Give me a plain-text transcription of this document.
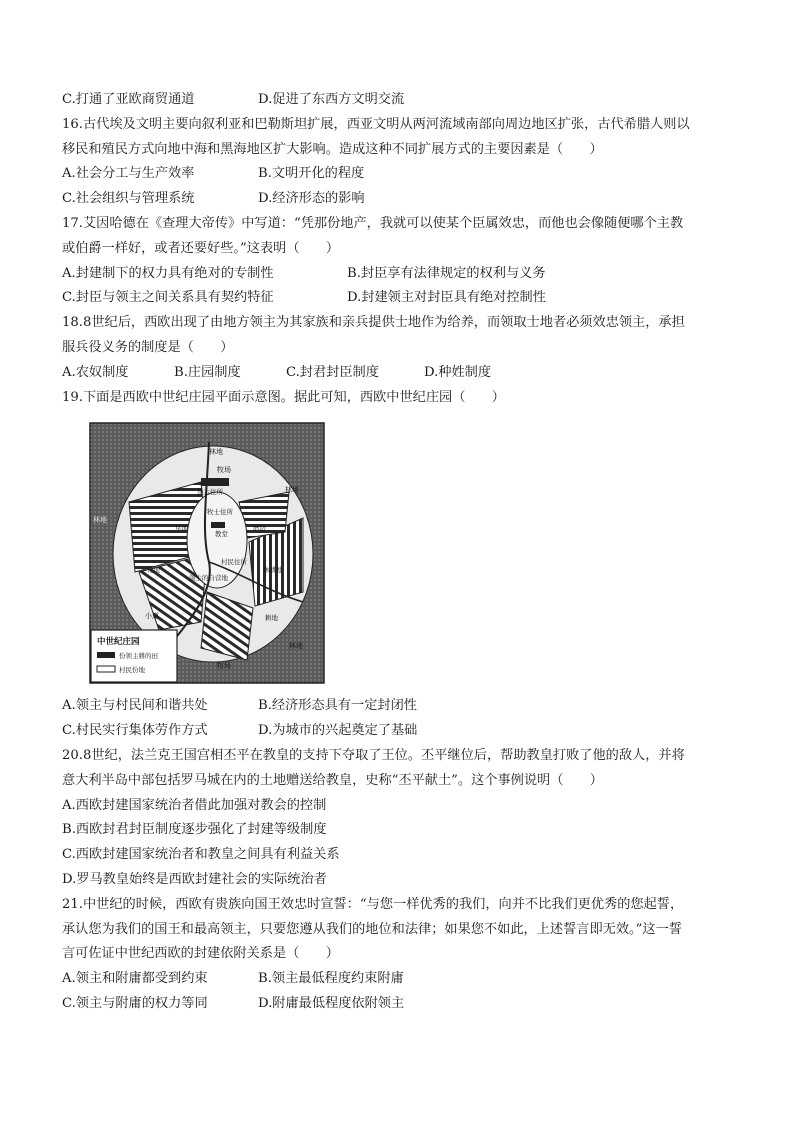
C.打通了亚欧商贸通道	D.促进了东西方文明交流
16.古代埃及文明主要向叙利亚和巴勒斯坦扩展，西亚文明从两河流域南部向周边地区扩张，古代希腊人则以
移民和殖民方式向地中海和黑海地区扩大影响。造成这种不同扩展方式的主要因素是（　　）
A.社会分工与生产效率	B.文明开化的程度
C.社会组织与管理系统	D.经济形态的影响
17.艾因哈德在《查理大帝传》中写道：“凭那份地产，我就可以使某个臣属效忠，而他也会像随便哪个主教
或伯爵一样好，或者还要好些。”这表明（　　）
A.封建制下的权力具有绝对的专制性	B.封臣享有法律规定的权利与义务
C.封臣与领主之间关系具有契约特征	D.封建领主对封臣具有绝对控制性
18.8世纪后，西欧出现了由地方领主为其家族和亲兵提供士地作为给养，而领取士地者必须效忠领主，承担
服兵役义务的制度是（　　）
A.农奴制度	B.庄园制度	C.封君封臣制度	D.种姓制度
19.下面是西欧中世纪庄园平面示意图。据此可知，西欧中世纪庄园（　　）
林地
牧场
林地
领主住所
牧士住所
教堂
村民住所
领主的自营地
草地
荒地
小道
牧场
林地
林地
休耕地
磨坊
耕地
中世纪庄园
份领主耕的田
村民份地
A.领主与村民间和谐共处	B.经济形态具有一定封闭性
C.村民实行集体劳作方式	D.为城市的兴起奠定了基础
20.8世纪，法兰克王国宫相丕平在教皇的支持下夺取了王位。丕平继位后，帮助教皇打败了他的敌人，并将
意大利半岛中部包括罗马城在内的土地赠送给教皇，史称“丕平献土”。这个事例说明（　　）
A.西欧封建国家统治者借此加强对教会的控制
B.西欧封君封臣制度逐步强化了封建等级制度
C.西欧封建国家统治者和教皇之间具有利益关系
D.罗马教皇始终是西欧封建社会的实际统治者
21.中世纪的时候，西欧有贵族向国王效忠时宣誓：“与您一样优秀的我们，向并不比我们更优秀的您起誓，
承认您为我们的国王和最高领主，只要您遵从我们的地位和法律；如果您不如此，上述誓言即无效。”这一誓
言可佐证中世纪西欧的封建依附关系是（　　）
A.领主和附庸都受到约束	B.领主最低程度约束附庸
C.领主与附庸的权力等同	D.附庸最低程度依附领主
